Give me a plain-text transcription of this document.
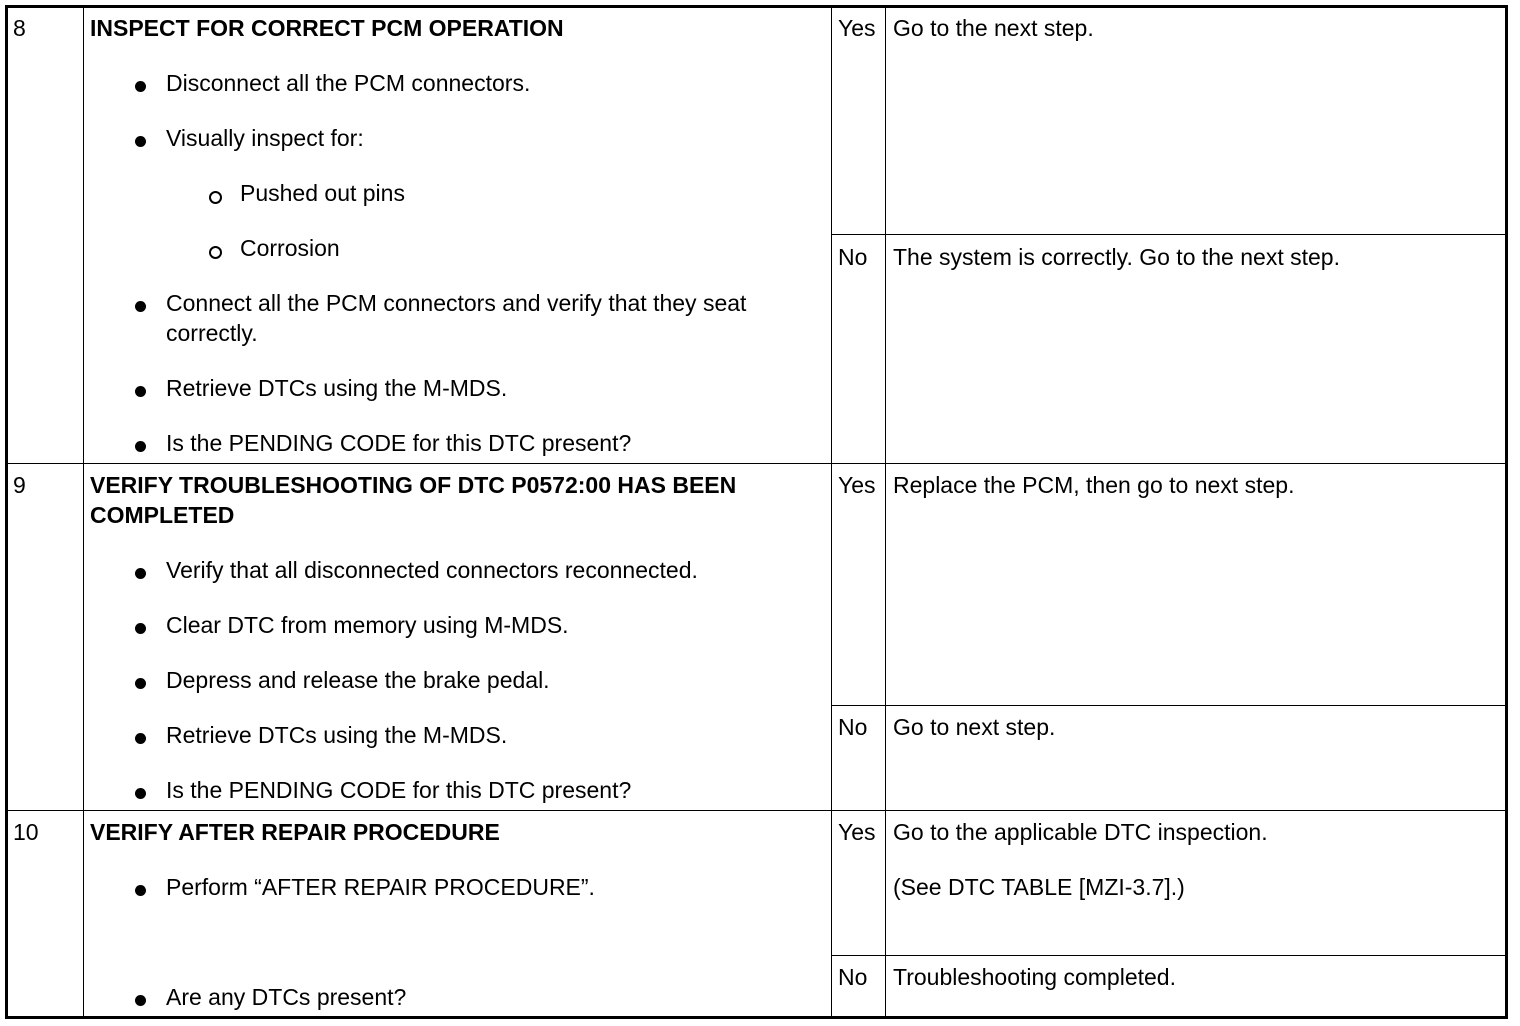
8	INSPECT FOR CORRECT PCM OPERATION
Disconnect all the PCM connectors.
Visually inspect for:
Pushed out pins
Corrosion
Connect all the PCM connectors and verify that they seat correctly.
Retrieve DTCs using the M-MDS.
Is the PENDING CODE for this DTC present?
Yes Go to the next step.
No The system is correctly. Go to the next step.
9	VERIFY TROUBLESHOOTING OF DTC P0572:00 HAS BEEN COMPLETED
Verify that all disconnected connectors reconnected.
Clear DTC from memory using M-MDS.
Depress and release the brake pedal.
Retrieve DTCs using the M-MDS.
Is the PENDING CODE for this DTC present?
Yes Replace the PCM, then go to next step.
No Go to next step.
10 VERIFY AFTER REPAIR PROCEDURE
Perform “AFTER REPAIR PROCEDURE”.
Are any DTCs present?
Yes Go to the applicable DTC inspection.
(See DTC TABLE [MZI-3.7].)
No Troubleshooting completed.
